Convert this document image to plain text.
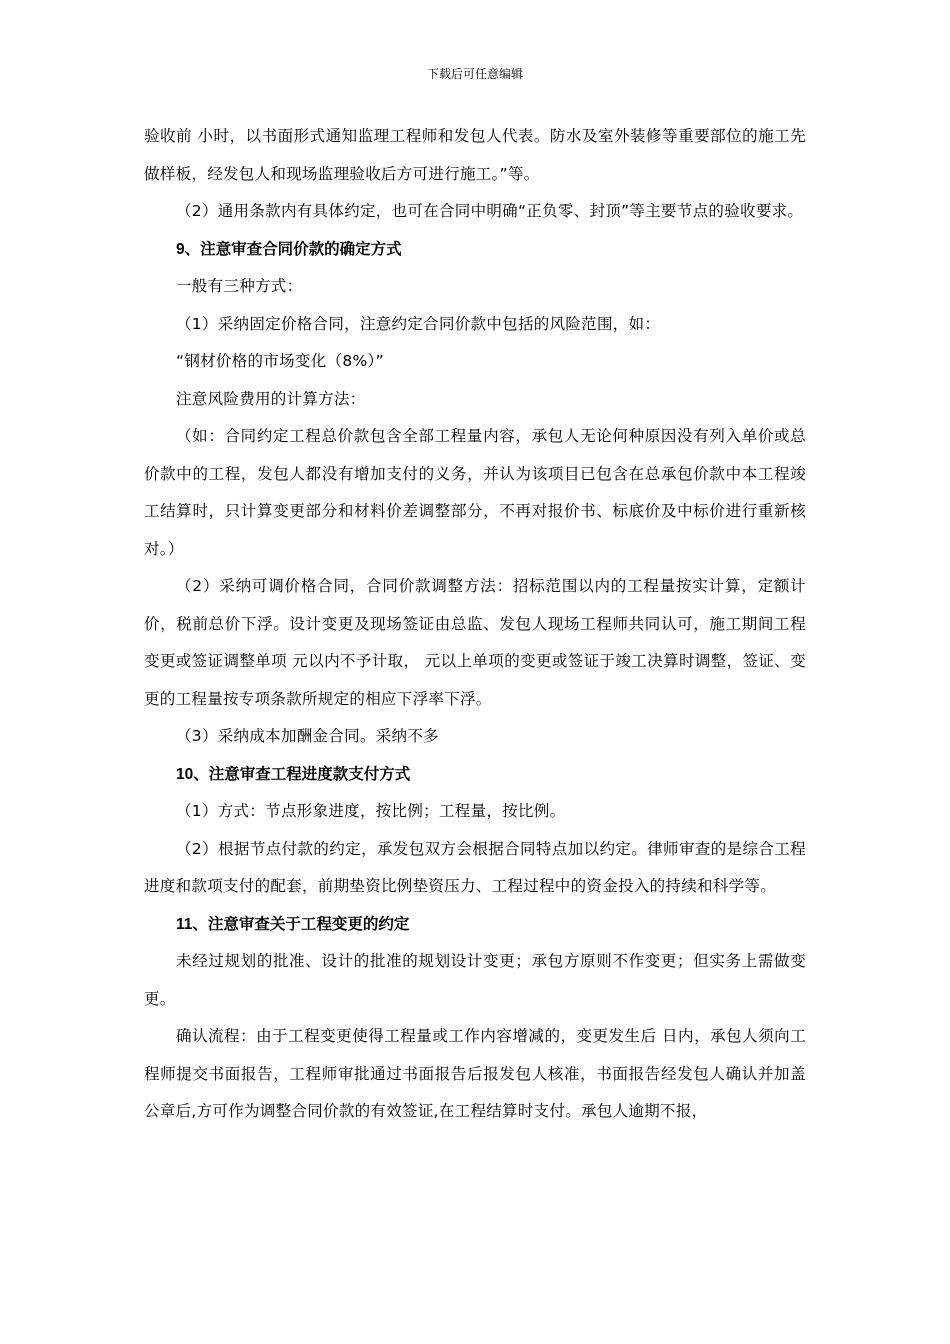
下载后可任意编辑

验收前 小时，以书面形式通知监理工程师和发包人代表。防水及室外装修等重要部位的施工先做样板，经发包人和现场监理验收后方可进行施工。”等。

（2）通用条款内有具体约定，也可在合同中明确“正负零、封顶”等主要节点的验收要求。

9、注意审查合同价款的确定方式

一般有三种方式：

（1）采纳固定价格合同，注意约定合同价款中包括的风险范围，如：

“钢材价格的市场变化（8%）”

注意风险费用的计算方法：

（如：合同约定工程总价款包含全部工程量内容，承包人无论何种原因没有列入单价或总价款中的工程，发包人都没有增加支付的义务，并认为该项目已包含在总承包价款中本工程竣工结算时，只计算变更部分和材料价差调整部分，不再对报价书、标底价及中标价进行重新核对。）

（2）采纳可调价格合同，合同价款调整方法：招标范围以内的工程量按实计算，定额计价，税前总价下浮。设计变更及现场签证由总监、发包人现场工程师共同认可，施工期间工程变更或签证调整单项 元以内不予计取， 元以上单项的变更或签证于竣工决算时调整，签证、变更的工程量按专项条款所规定的相应下浮率下浮。

（3）采纳成本加酬金合同。采纳不多

10、注意审查工程进度款支付方式

（1）方式：节点形象进度，按比例；工程量，按比例。

（2）根据节点付款的约定，承发包双方会根据合同特点加以约定。律师审查的是综合工程进度和款项支付的配套，前期垫资比例垫资压力、工程过程中的资金投入的持续和科学等。

11、注意审查关于工程变更的约定

未经过规划的批准、设计的批准的规划设计变更；承包方原则不作变更；但实务上需做变更。

确认流程：由于工程变更使得工程量或工作内容增减的，变更发生后 日内，承包人须向工程师提交书面报告，工程师审批通过书面报告后报发包人核准，书面报告经发包人确认并加盖公章后,方可作为调整合同价款的有效签证,在工程结算时支付。承包人逾期不报，
